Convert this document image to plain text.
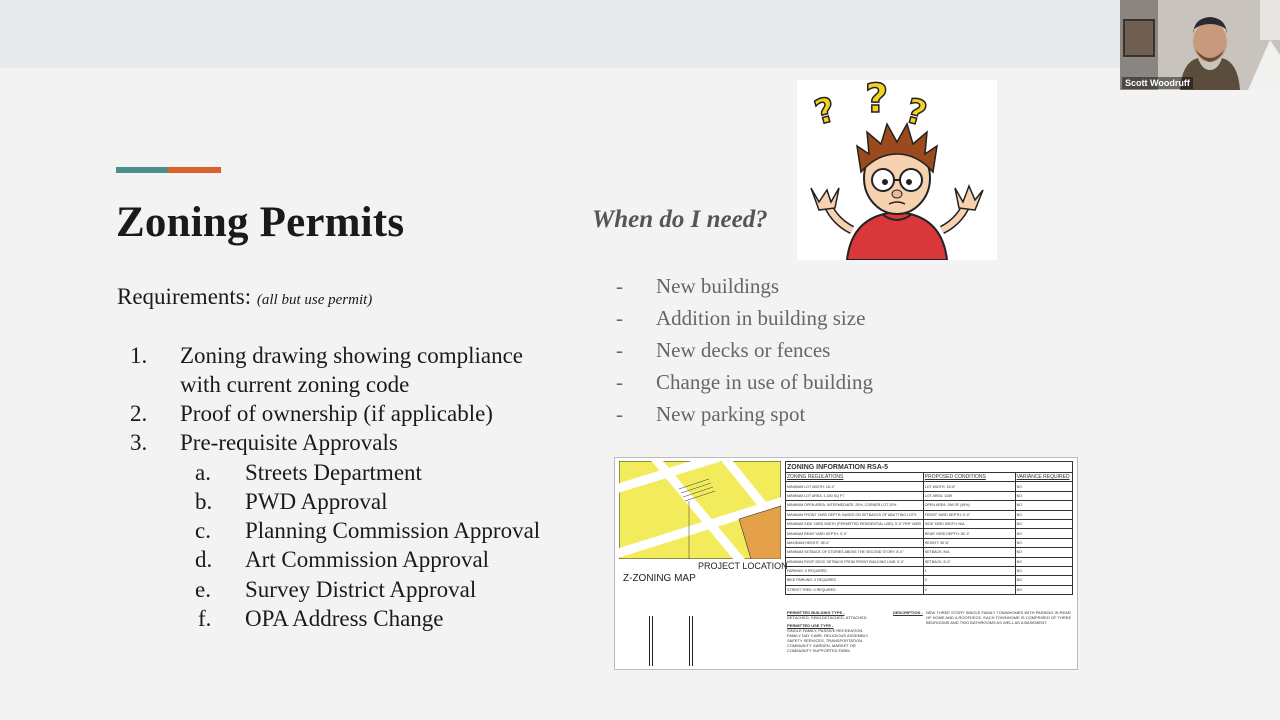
Zoning Permits
Requirements: (all but use permit)
1. Zoning drawing showing compliance
with current zoning code
2. Proof of ownership (if applicable)
3. Pre-requisite Approvals
a. Streets Department
b. PWD Approval
c. Planning Commission Approval
d. Art Commission Approval
e. Survey District Approval
f. OPA Address Change
When do I need?
- New buildings
- Addition in building size
- New decks or fences
- Change in use of building
- New parking spot
? ? ?
PROJECT LOCATION
Z-ZONING MAP
ZONING INFORMATION RSA-5		
ZONING REGULATIONS	PROPOSED CONDITIONS	VARIANCE REQUIRED
MINIMUM LOT WIDTH: 16'-0"	LOT WIDTH: 15'-6"	NO
MINIMUM LOT AREA: 1,440 SQ FT	LOT AREA: 1189	NO
MINIMUM OPEN AREA: INTERMEDIATE: 25%, CORNER LOT 20%	OPEN AREA: 398 SF (49%)	NO
MINIMUM FRONT YARD DEPTH: BASED ON SETBACKS OF ABUTTING LOTS	FRONT YARD DEPTH: 0'-0"	NO
MINIMUM SIDE YARD WIDTH (PERMITTED RESIDENTIAL USE): 5'-0" PER YARD	SIDE YARD WIDTH: N/A	NO
MINIMUM REAR YARD DEPTH: 9'-0"	REAR YARD DEPTH: 36'-3"	NO
MAXIMUM HEIGHT: 38'-0"	HEIGHT: 35'-6"	NO
MINIMUM SETBACK OF STORIES ABOVE THE SECOND STORY: 8'-0"	SETBACK: N/A	NO
MINIMUM ROOF DECK SETBACK FROM FRONT BUILDING LINE: 5'-0"	SETBACK: 5'-0"	NO
PARKING: 0 REQUIRED	1	NO
BIKE PARKING: 0 REQUIRED	0	NO
STREET TREE: 0 REQUIRED	0	NO
PERMITTED BUILDING TYPE -
DETACHED, SEMI-DETACHED, ATTACHED
PERMITTED USE TYPE -
SINGLE FAMILY, PASSIVE RECREATION, FAMILY DAY CARE, RELIGIOUS ASSEMBLY, SAFETY SERVICES, TRANSPORTATION, COMMUNITY GARDEN, MARKET OR COMMUNITY SUPPORTED FARM
DESCRIPTION - NEW THREE STORY SINGLE FAMILY TOWNHOMES WITH PARKING IN REAR OF HOME AND A ROOFDECK. EACH TOWNHOME IS COMPRISED OF THREE BEDROOMS AND TWO BATHROOMS AS WELL AS A BASEMENT.
Scott Woodruff
